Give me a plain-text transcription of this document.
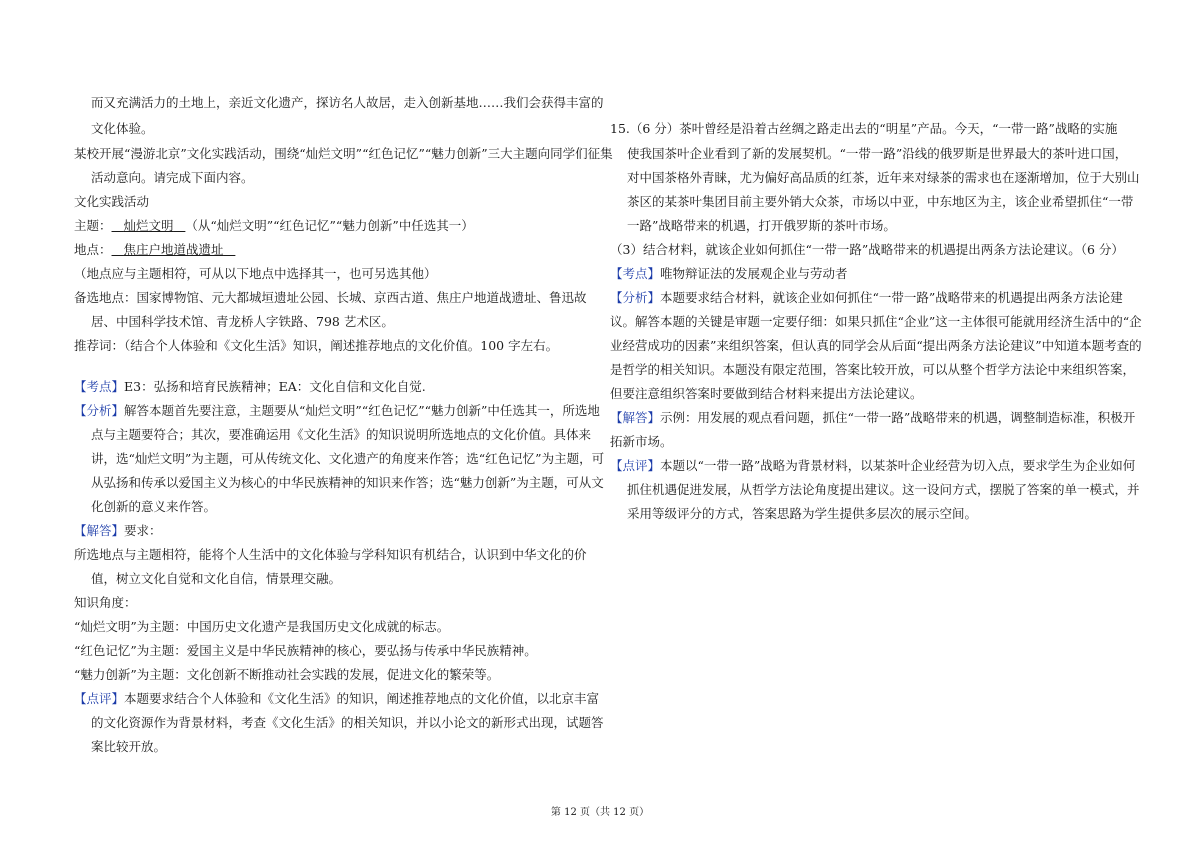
而又充满活力的土地上，亲近文化遗产，探访名人故居，走入创新基地……我们会获得丰富的
文化体验。
某校开展“漫游北京”文化实践活动，围绕“灿烂文明”“红色记忆”“魅力创新”三大主题向同学们征集
活动意向。请完成下面内容。
文化实践活动
主题： 灿烂文明 （从“灿烂文明”“红色记忆”“魅力创新”中任选其一）
地点： 焦庄户地道战遗址
（地点应与主题相符，可从以下地点中选择其一，也可另选其他）
备选地点：国家博物馆、元大都城垣遗址公园、长城、京西古道、焦庄户地道战遗址、鲁迅故
居、中国科学技术馆、青龙桥人字铁路、798 艺术区。
推荐词：（结合个人体验和《文化生活》知识，阐述推荐地点的文化价值。100 字左右。
【考点】E3：弘扬和培育民族精神；EA：文化自信和文化自觉.
【分析】解答本题首先要注意，主题要从“灿烂文明”“红色记忆”“魅力创新”中任选其一，所选地
点与主题要符合；其次，要准确运用《文化生活》的知识说明所选地点的文化价值。具体来
讲，选“灿烂文明”为主题，可从传统文化、文化遗产的角度来作答；选“红色记忆”为主题，可
从弘扬和传承以爱国主义为核心的中华民族精神的知识来作答；选“魅力创新”为主题，可从文
化创新的意义来作答。
【解答】要求：
所选地点与主题相符，能将个人生活中的文化体验与学科知识有机结合，认识到中华文化的价
值，树立文化自觉和文化自信，情景理交融。
知识角度：
“灿烂文明”为主题：中国历史文化遗产是我国历史文化成就的标志。
“红色记忆”为主题：爱国主义是中华民族精神的核心，要弘扬与传承中华民族精神。
“魅力创新”为主题：文化创新不断推动社会实践的发展，促进文化的繁荣等。
【点评】本题要求结合个人体验和《文化生活》的知识，阐述推荐地点的文化价值，以北京丰富
的文化资源作为背景材料，考查《文化生活》的相关知识，并以小论文的新形式出现，试题答
案比较开放。
15.（6 分）茶叶曾经是沿着古丝绸之路走出去的“明星”产品。今天，“一带一路”战略的实施
使我国茶叶企业看到了新的发展契机。“一带一路”沿线的俄罗斯是世界最大的茶叶进口国，
对中国茶格外青睐，尤为偏好高品质的红茶，近年来对绿茶的需求也在逐渐增加，位于大别山
茶区的某茶叶集团目前主要外销大众茶，市场以中亚，中东地区为主，该企业希望抓住“一带
一路”战略带来的机遇，打开俄罗斯的茶叶市场。
（3）结合材料，就该企业如何抓住“一带一路”战略带来的机遇提出两条方法论建议。（6 分）
【考点】唯物辩证法的发展观企业与劳动者
【分析】本题要求结合材料，就该企业如何抓住“一带一路”战略带来的机遇提出两条方法论建
议。解答本题的关键是审题一定要仔细：如果只抓住“企业”这一主体很可能就用经济生活中的“企
业经营成功的因素”来组织答案，但认真的同学会从后面“提出两条方法论建议”中知道本题考查的
是哲学的相关知识。本题没有限定范围，答案比较开放，可以从整个哲学方法论中来组织答案，
但要注意组织答案时要做到结合材料来提出方法论建议。
【解答】示例：用发展的观点看问题，抓住“一带一路”战略带来的机遇，调整制造标准，积极开
拓新市场。
【点评】本题以“一带一路”战略为背景材料，以某茶叶企业经营为切入点，要求学生为企业如何
抓住机遇促进发展，从哲学方法论角度提出建议。这一设问方式，摆脱了答案的单一模式，并
采用等级评分的方式，答案思路为学生提供多层次的展示空间。
第 12 页（共 12 页）
